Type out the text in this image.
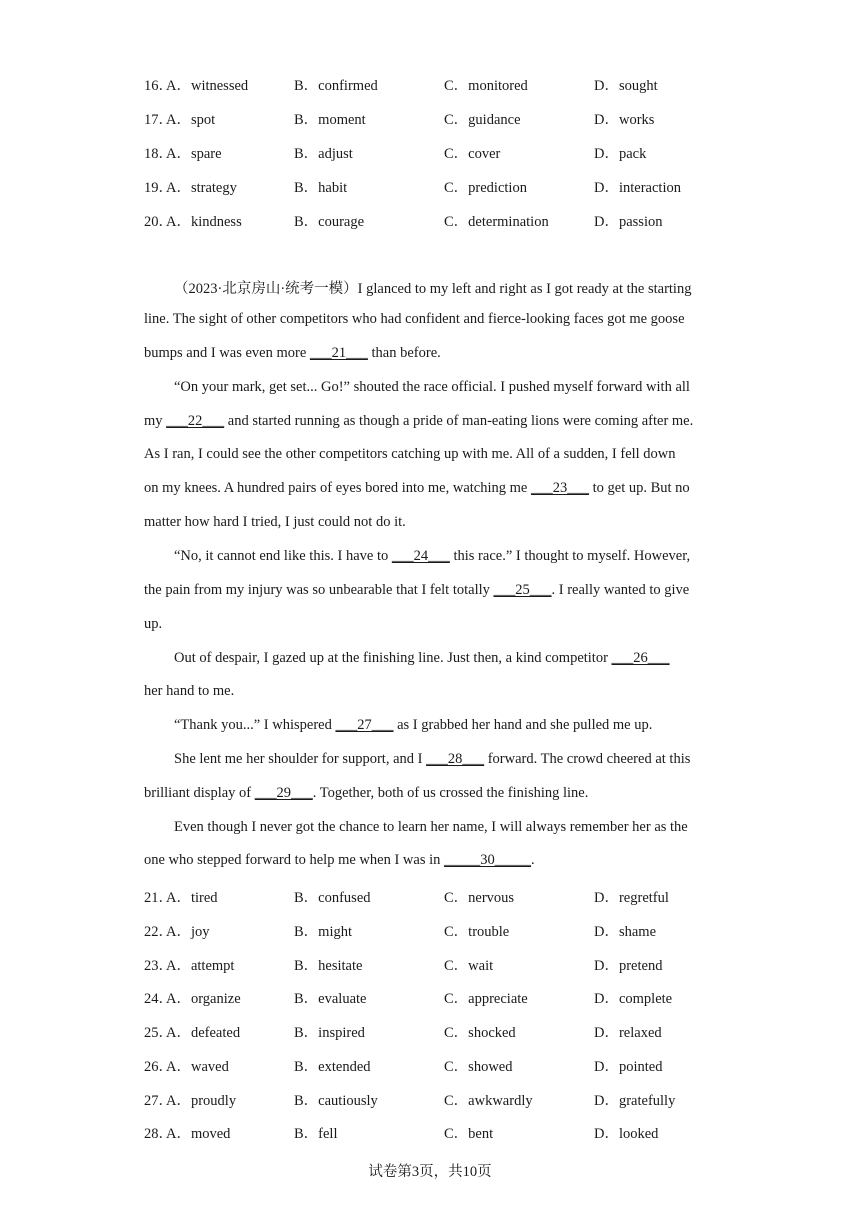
16．
A．witnessed	B．confirmed	C．monitored	D．sought
17．
A．spot	B．moment	C．guidance	D．works
18．
A．spare	B．adjust	C．cover	D．pack
19．
A．strategy	B．habit	C．prediction	D．interaction
20．
A．kindness	B．courage	C．determination	D．passion
（2023·北京房山·统考一模）I glanced to my left and right as I got ready at the starting
line. The sight of other competitors who had confident and fierce-looking faces got me goose
bumps and I was even more ___21___ than before.
“On your mark, get set... Go!” shouted the race official. I pushed myself forward with all
my ___22___ and started running as though a pride of man-eating lions were coming after me.
As I ran, I could see the other competitors catching up with me. All of a sudden, I fell down
on my knees. A hundred pairs of eyes bored into me, watching me ___23___ to get up. But no
matter how hard I tried, I just could not do it.
“No, it cannot end like this. I have to ___24___ this race.” I thought to myself. However,
the pain from my injury was so unbearable that I felt totally ___25___. I really wanted to give
up.
Out of despair, I gazed up at the finishing line. Just then, a kind competitor ___26___
her hand to me.
“Thank you...” I whispered ___27___ as I grabbed her hand and she pulled me up.
She lent me her shoulder for support, and I ___28___ forward. The crowd cheered at this
brilliant display of ___29___. Together, both of us crossed the finishing line.
Even though I never got the chance to learn her name, I will always remember her as the
one who stepped forward to help me when I was in _____30_____.
21．
A．tired	B．confused	C．nervous	D．regretful
22．
A．joy	B．might	C．trouble	D．shame
23．
A．attempt	B．hesitate	C．wait	D．pretend
24．
A．organize	B．evaluate	C．appreciate	D．complete
25．
A．defeated	B．inspired	C．shocked	D．relaxed
26．
A．waved	B．extended	C．showed	D．pointed
27．
A．proudly	B．cautiously	C．awkwardly	D．gratefully
28．
A．moved	B．fell	C．bent	D．looked
试卷第3页，共10页
